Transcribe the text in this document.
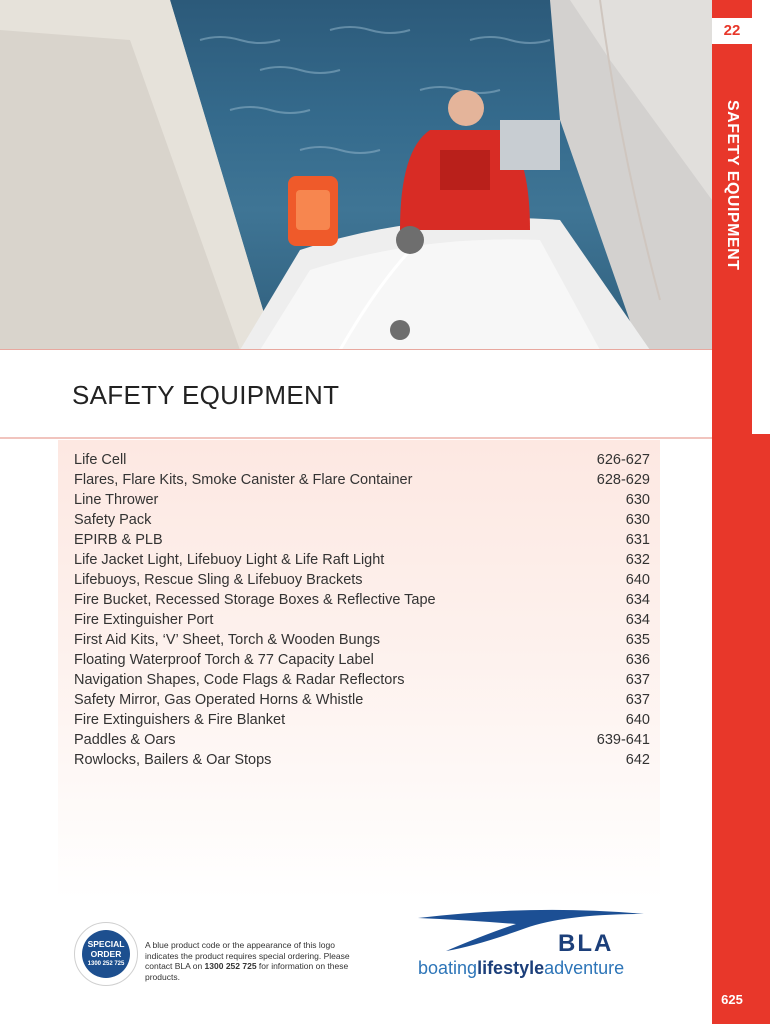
22
SAFETY EQUIPMENT
SAFETY EQUIPMENT
Life Cell	626-627
Flares, Flare Kits, Smoke Canister & Flare Container	628-629
Line Thrower	630
Safety Pack	630
EPIRB & PLB	631
Life Jacket Light, Lifebuoy Light & Life Raft Light	632
Lifebuoys, Rescue Sling & Lifebuoy Brackets	640
Fire Bucket, Recessed Storage Boxes & Reflective Tape	634
Fire Extinguisher Port	634
First Aid Kits, ‘V’ Sheet, Torch & Wooden Bungs	635
Floating Waterproof Torch & 77 Capacity Label	636
Navigation Shapes, Code Flags & Radar Reflectors	637
Safety Mirror, Gas Operated Horns & Whistle	637
Fire Extinguishers & Fire Blanket	640
Paddles & Oars	639-641
Rowlocks, Bailers & Oar Stops	642
SPECIAL
ORDER
1300 252 725
A blue product code or the appearance of this logo indicates the product requires special ordering. Please contact BLA on 1300 252 725 for information on these products.
BLA
boatinglifestyleadventure
625
